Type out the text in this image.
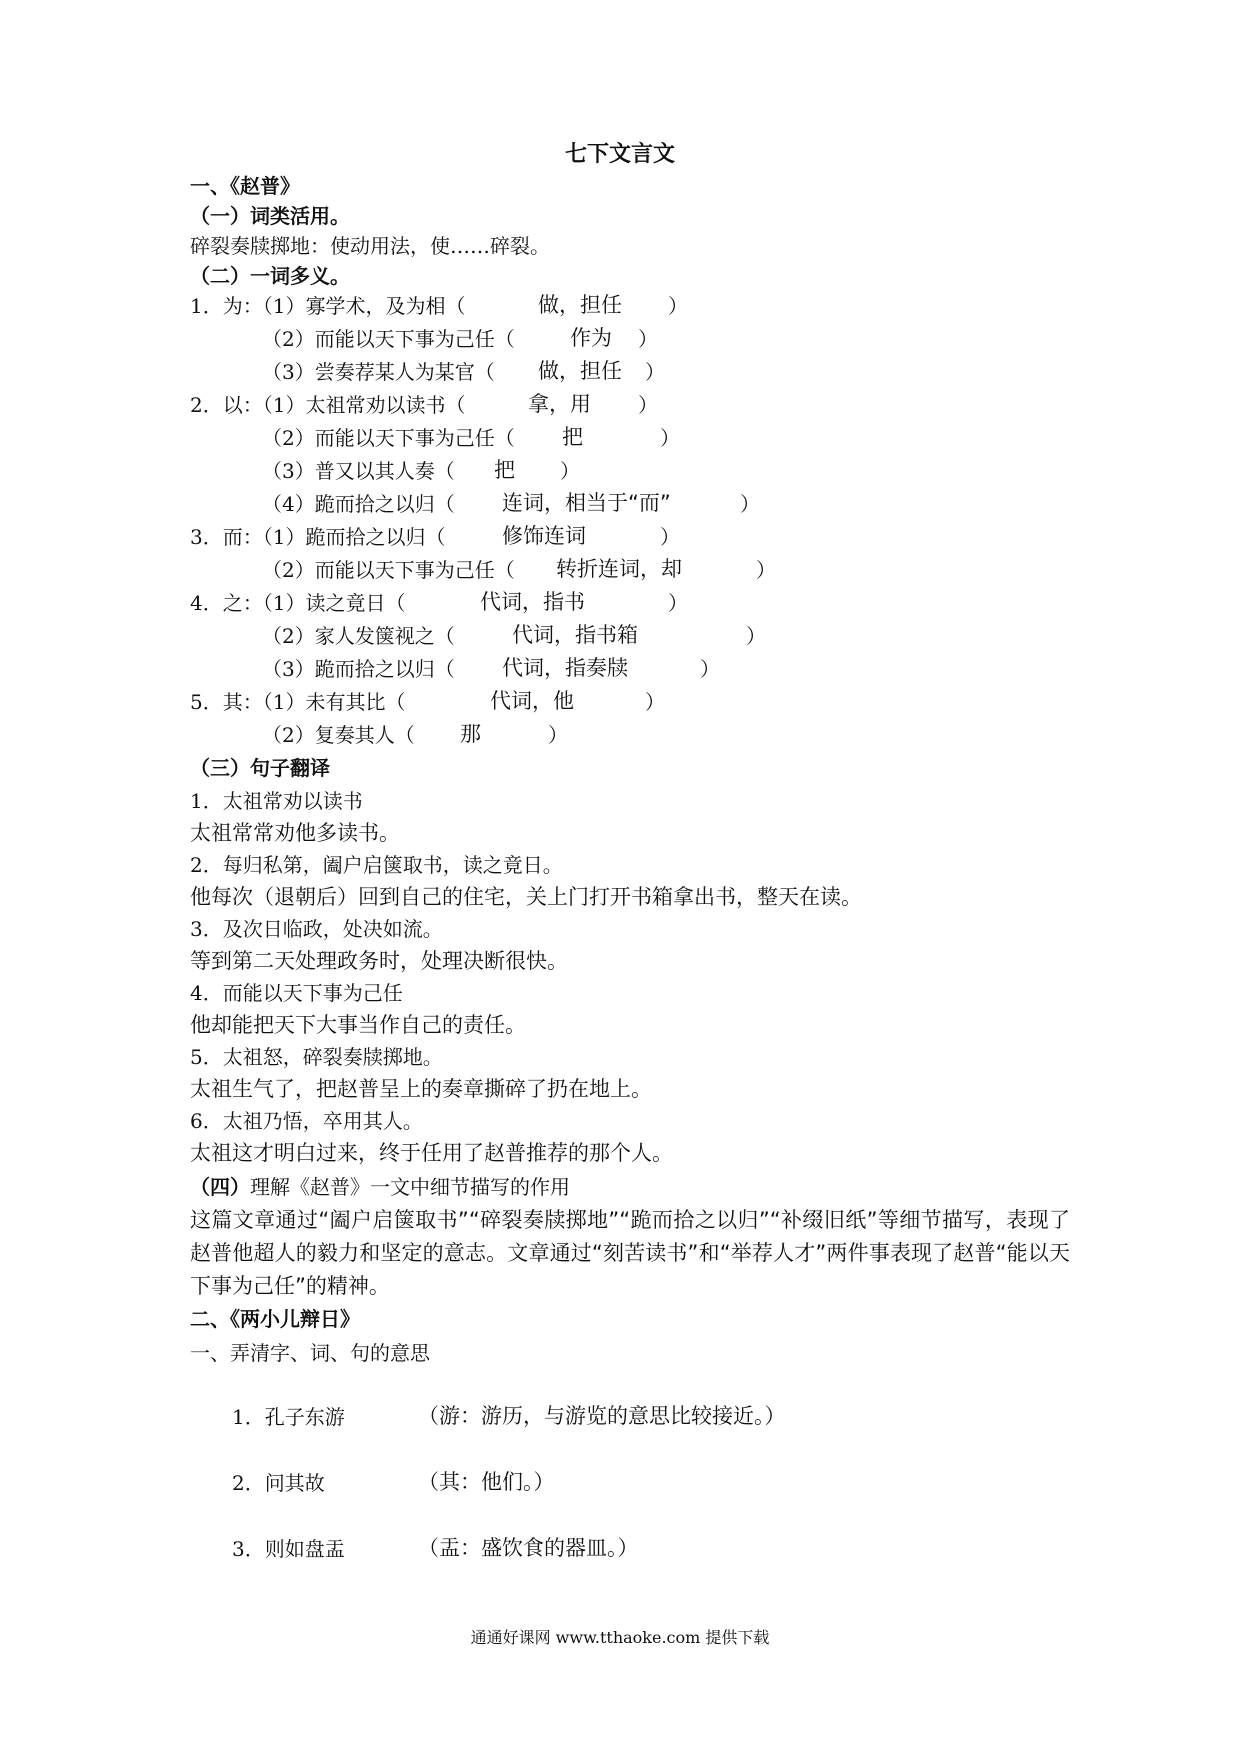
七下文言文
一、《赵普》
（一）词类活用。
碎裂奏牍掷地：使动用法，使……碎裂。
（二）一词多义。
1．为：（1）寡学术，及为相（	做，担任 ）
（2）而能以天下事为己任（	作为 ）
（3）尝奏荐某人为某官（ 做，担任 ）
2．以：（1）太祖常劝以读书（	拿，用 ）
（2）而能以天下事为己任（ 把	）
（3）普又以其人奏（ 把 ）
（4）跪而拾之以归（ 连词，相当于“而”	）
3．而：（1）跪而拾之以归（	修饰连词	）
（2）而能以天下事为己任（ 转折连词，却	）
4．之：（1）读之竟日（	代词，指书	）
（2）家人发箧视之（	代词，指书箱	）
（3）跪而拾之以归（ 代词，指奏牍	）
5．其：（1）未有其比（	代词，他	）
（2）复奏其人（ 那	）
（三）句子翻译
1．太祖常劝以读书
太祖常常劝他多读书。
2．每归私第，阖户启箧取书，读之竟日。
他每次（退朝后）回到自己的住宅，关上门打开书箱拿出书，整天在读。
3．及次日临政，处决如流。
等到第二天处理政务时，处理决断很快。
4．而能以天下事为己任
他却能把天下大事当作自己的责任。
5．太祖怒，碎裂奏牍掷地。
太祖生气了，把赵普呈上的奏章撕碎了扔在地上。
6．太祖乃悟，卒用其人。
太祖这才明白过来，终于任用了赵普推荐的那个人。
（四）理解《赵普》一文中细节描写的作用
这篇文章通过“阖户启箧取书”“碎裂奏牍掷地”“跪而拾之以归”“补缀旧纸”等细节描写，表现了赵普他超人的毅力和坚定的意志。文章通过“刻苦读书”和“举荐人才”两件事表现了赵普“能以天下事为己任”的精神。
二、《两小儿辩日》
一、弄清字、词、句的意思
1．孔子东游	（游：游历，与游览的意思比较接近。）
2．问其故	（其：他们。）
3．则如盘盂	（盂：盛饮食的器皿。）
通通好课网 www.tthaoke.com 提供下载
